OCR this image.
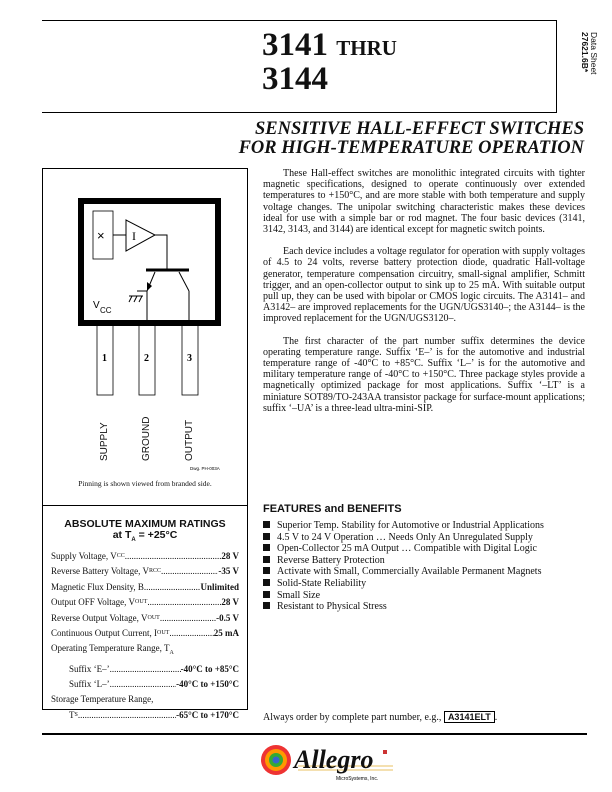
3141 THRU
3144
Data Sheet
27621.6B*
SENSITIVE HALL-EFFECT SWITCHES
FOR HIGH-TEMPERATURE OPERATION
× I
V CC
1	2	3
Dwg. PH-003A
SUPPLY	GROUND	OUTPUT
Pinning is shown viewed from branded side.
ABSOLUTE MAXIMUM RATINGS
at $T_A = +25^\circ C$
Supply Voltage, V CC .....	28 V
Reverse Battery Voltage, V RCC .....	-35 V
Magnetic Flux Density, B .....	Unlimited
Output OFF Voltage, V OUT .....	28 V
Reverse Output Voltage, V OUT .....	-0.5 V
Continuous Output Current, I OUT .....	25 mA
Operating Temperature Range, $T_A$
Suffix ‘E–’ .....	-40°C to +85°C
Suffix ‘L–’ .....	-40°C to +150°C
Storage Temperature Range,
T S .....	-65°C to +170°C

These Hall-effect switches are monolithic integrated circuits with tighter magnetic specifications, designed to operate continuously over extended temperatures to +150°C, and are more stable with both temperature and supply voltage changes. The unipolar switching characteristic makes these devices ideal for use with a simple bar or rod magnet. The four basic devices (3141, 3142, 3143, and 3144) are identical except for magnetic switch points.

Each device includes a voltage regulator for operation with supply voltages of 4.5 to 24 volts, reverse battery protection diode, quadratic Hall-voltage generator, temperature compensation circuitry, small-signal amplifier, Schmitt trigger, and an open-collector output to sink up to 25 mA. With suitable output pull up, they can be used with bipolar or CMOS logic circuits. The A3141– and A3142– are improved replacements for the UGN/UGS3140–; the A3144– is the improved replacement for the UGN/UGS3120–.

The first character of the part number suffix determines the device operating temperature range. Suffix ‘E–’ is for the automotive and industrial temperature range of -40°C to +85°C. Suffix ‘L–’ is for the automotive and military temperature range of -40°C to +150°C. Three package styles provide a magnetically optimized package for most applications. Suffix ‘–LT’ is a miniature SOT89/TO-243AA transistor package for surface-mount applications; suffix ‘–UA’ is a three-lead ultra-mini-SIP.

FEATURES and BENEFITS
Superior Temp. Stability for Automotive or Industrial Applications
4.5 V to 24 V Operation … Needs Only An Unregulated Supply
Open-Collector 25 mA Output … Compatible with Digital Logic
Reverse Battery Protection
Activate with Small, Commercially Available Permanent Magnets
Solid-State Reliability
Small Size
Resistant to Physical Stress
Always order by complete part number, e.g., A3141ELT .
Allegro
MicroSystems, Inc.
